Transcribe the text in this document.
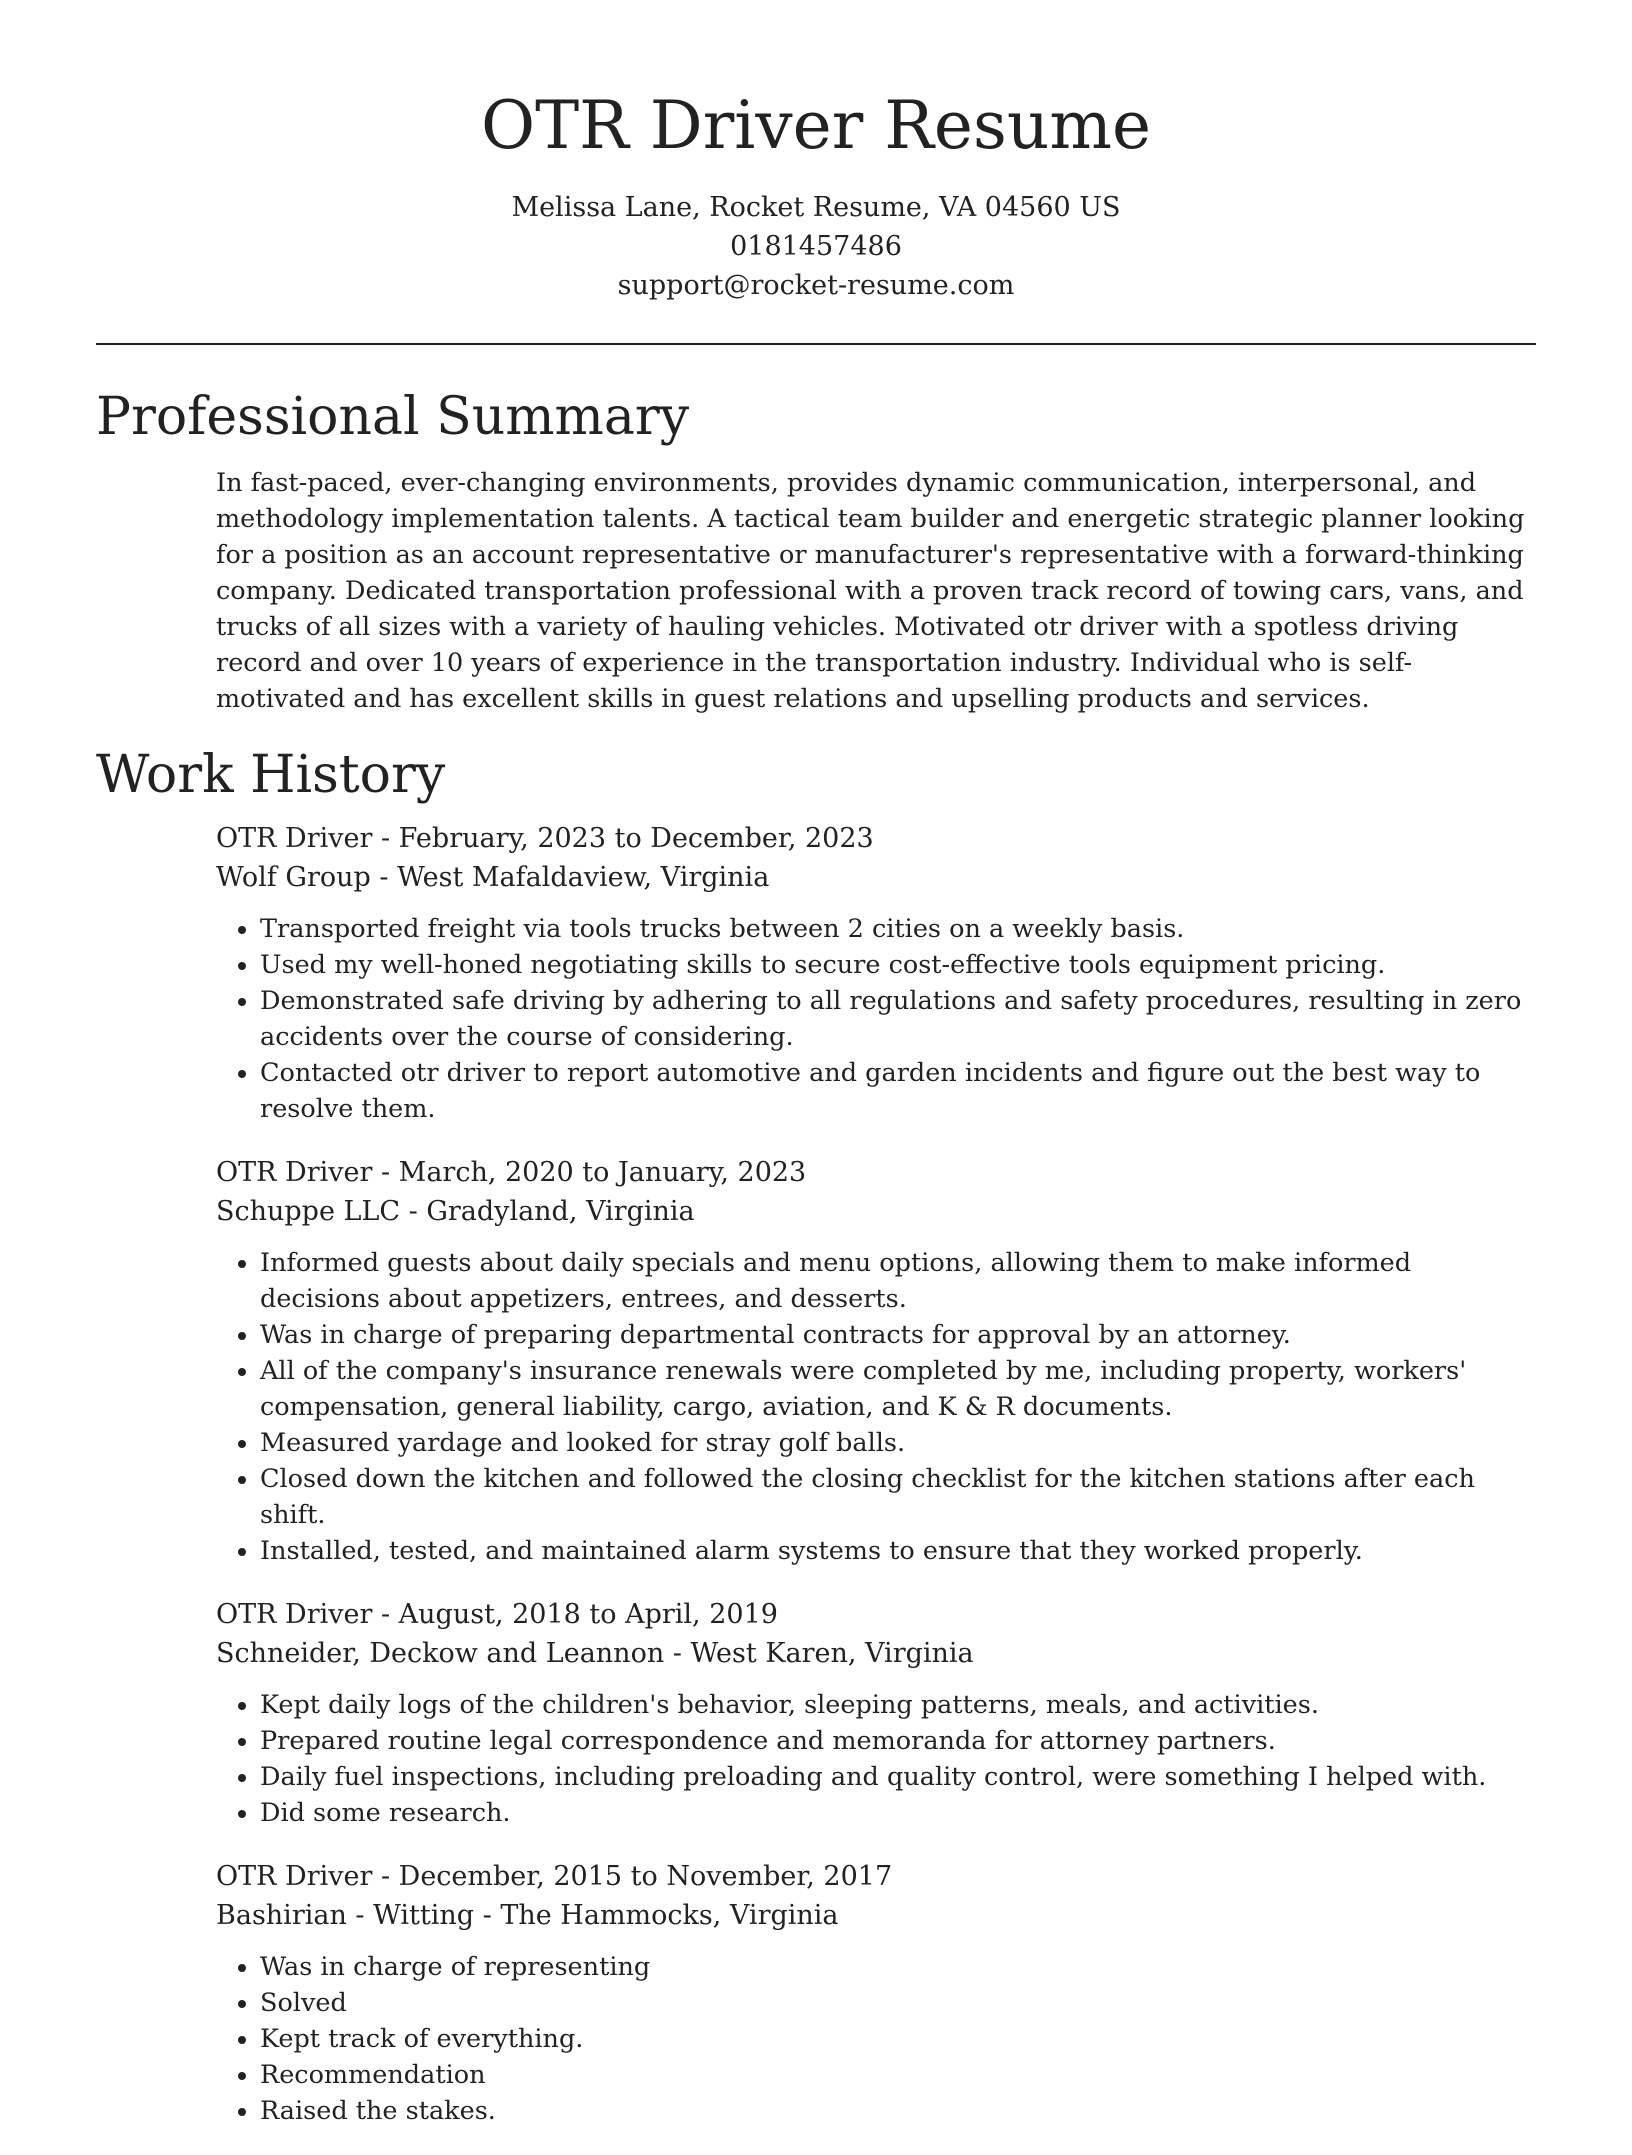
OTR Driver Resume
Melissa Lane, Rocket Resume, VA 04560 US
0181457486
support@rocket-resume.com
Professional Summary

In fast-paced, ever-changing environments, provides dynamic communication, interpersonal, and methodology implementation talents. A tactical team builder and energetic strategic planner looking for a position as an account representative or manufacturer's representative with a forward-thinking company. Dedicated transportation professional with a proven track record of towing cars, vans, and trucks of all sizes with a variety of hauling vehicles. Motivated otr driver with a spotless driving record and over 10 years of experience in the transportation industry. Individual who is self-motivated and has excellent skills in guest relations and upselling products and services.

Work History
OTR Driver - February, 2023 to December, 2023
Wolf Group - West Mafaldaview, Virginia
• Transported freight via tools trucks between 2 cities on a weekly basis.
• Used my well-honed negotiating skills to secure cost-effective tools equipment pricing.
• Demonstrated safe driving by adhering to all regulations and safety procedures, resulting in zero accidents over the course of considering.
• Contacted otr driver to report automotive and garden incidents and figure out the best way to resolve them.
OTR Driver - March, 2020 to January, 2023
Schuppe LLC - Gradyland, Virginia
• Informed guests about daily specials and menu options, allowing them to make informed decisions about appetizers, entrees, and desserts.
• Was in charge of preparing departmental contracts for approval by an attorney.
• All of the company's insurance renewals were completed by me, including property, workers' compensation, general liability, cargo, aviation, and K & R documents.
• Measured yardage and looked for stray golf balls.
• Closed down the kitchen and followed the closing checklist for the kitchen stations after each shift.
• Installed, tested, and maintained alarm systems to ensure that they worked properly.
OTR Driver - August, 2018 to April, 2019
Schneider, Deckow and Leannon - West Karen, Virginia
• Kept daily logs of the children's behavior, sleeping patterns, meals, and activities.
• Prepared routine legal correspondence and memoranda for attorney partners.
• Daily fuel inspections, including preloading and quality control, were something I helped with.
• Did some research.
OTR Driver - December, 2015 to November, 2017
Bashirian - Witting - The Hammocks, Virginia
• Was in charge of representing
• Solved
• Kept track of everything.
• Recommendation
• Raised the stakes.
